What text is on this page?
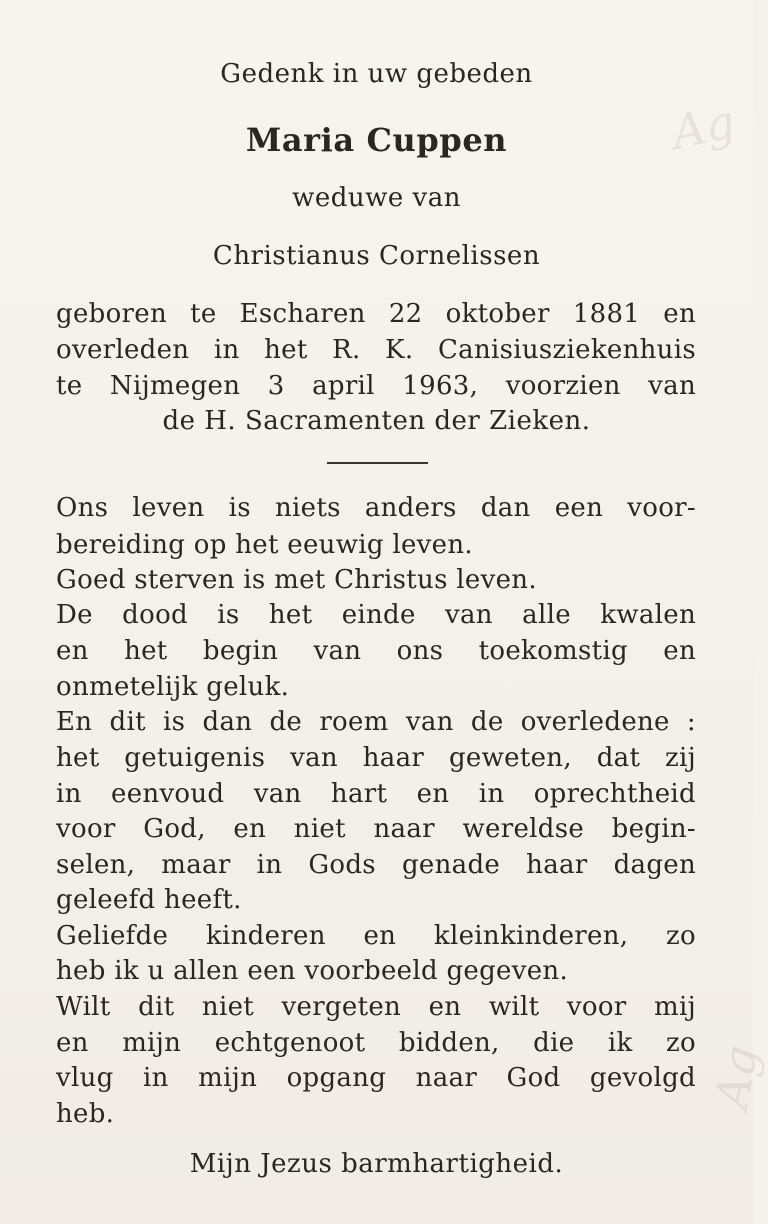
Ag
Ag
Gedenk in uw gebeden
Maria Cuppen
weduwe van
Christianus Cornelissen
geboren te Escharen 22 oktober 1881 en
overleden in het R. K. Canisiusziekenhuis
te Nijmegen 3 april 1963, voorzien van
de H. Sacramenten der Zieken.
Ons leven is niets anders dan een voor-
bereiding op het eeuwig leven.
Goed sterven is met Christus leven.
De dood is het einde van alle kwalen
en het begin van ons toekomstig en
onmetelijk geluk.
En dit is dan de roem van de overledene :
het getuigenis van haar geweten, dat zij
in eenvoud van hart en in oprechtheid
voor God, en niet naar wereldse begin-
selen, maar in Gods genade haar dagen
geleefd heeft.
Geliefde kinderen en kleinkinderen, zo
heb ik u allen een voorbeeld gegeven.
Wilt dit niet vergeten en wilt voor mij
en mijn echtgenoot bidden, die ik zo
vlug in mijn opgang naar God gevolgd
heb.
Mijn Jezus barmhartigheid.
